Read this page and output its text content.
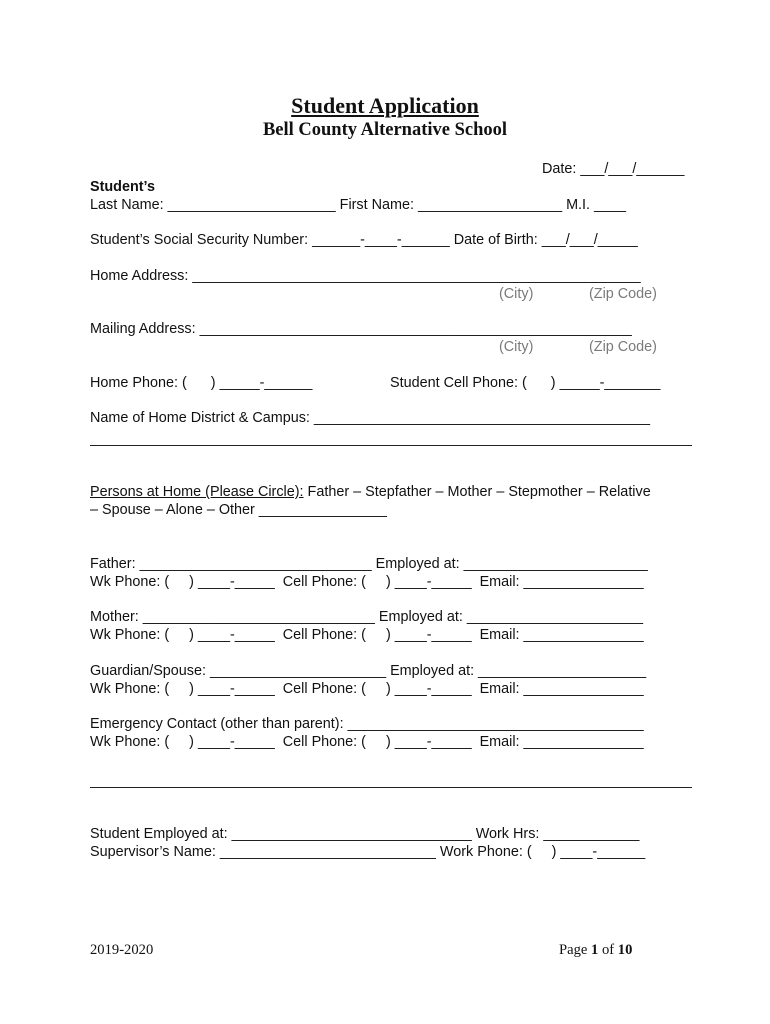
Student Application
Bell County Alternative School
Date: ___/___/______
Student’s
Last Name: _____________________ First Name: __________________ M.I. ____
Student’s Social Security Number: ______-____-______ Date of Birth: ___/___/_____
Home Address: ________________________________________________________
(City)	(Zip Code)
Mailing Address: ______________________________________________________
(City)	(Zip Code)
Home Phone: (      ) _____-______	Student Cell Phone: (      ) _____-_______
Name of Home District & Campus: __________________________________________
Persons at Home (Please Circle): Father – Stepfather – Mother – Stepmother – Relative
– Spouse – Alone – Other ________________
Father: _____________________________ Employed at: _______________________
Wk Phone: (     ) ____-_____  Cell Phone: (     ) ____-_____  Email: _______________
Mother: _____________________________ Employed at: ______________________
Wk Phone: (     ) ____-_____  Cell Phone: (     ) ____-_____  Email: _______________
Guardian/Spouse: ______________________ Employed at: _____________________
Wk Phone: (     ) ____-_____  Cell Phone: (     ) ____-_____  Email: _______________
Emergency Contact (other than parent): _____________________________________
Wk Phone: (     ) ____-_____  Cell Phone: (     ) ____-_____  Email: _______________
Student Employed at: ______________________________ Work Hrs: ____________
Supervisor’s Name: ___________________________ Work Phone: (     ) ____-______
2019-2020	Page 1 of 10
